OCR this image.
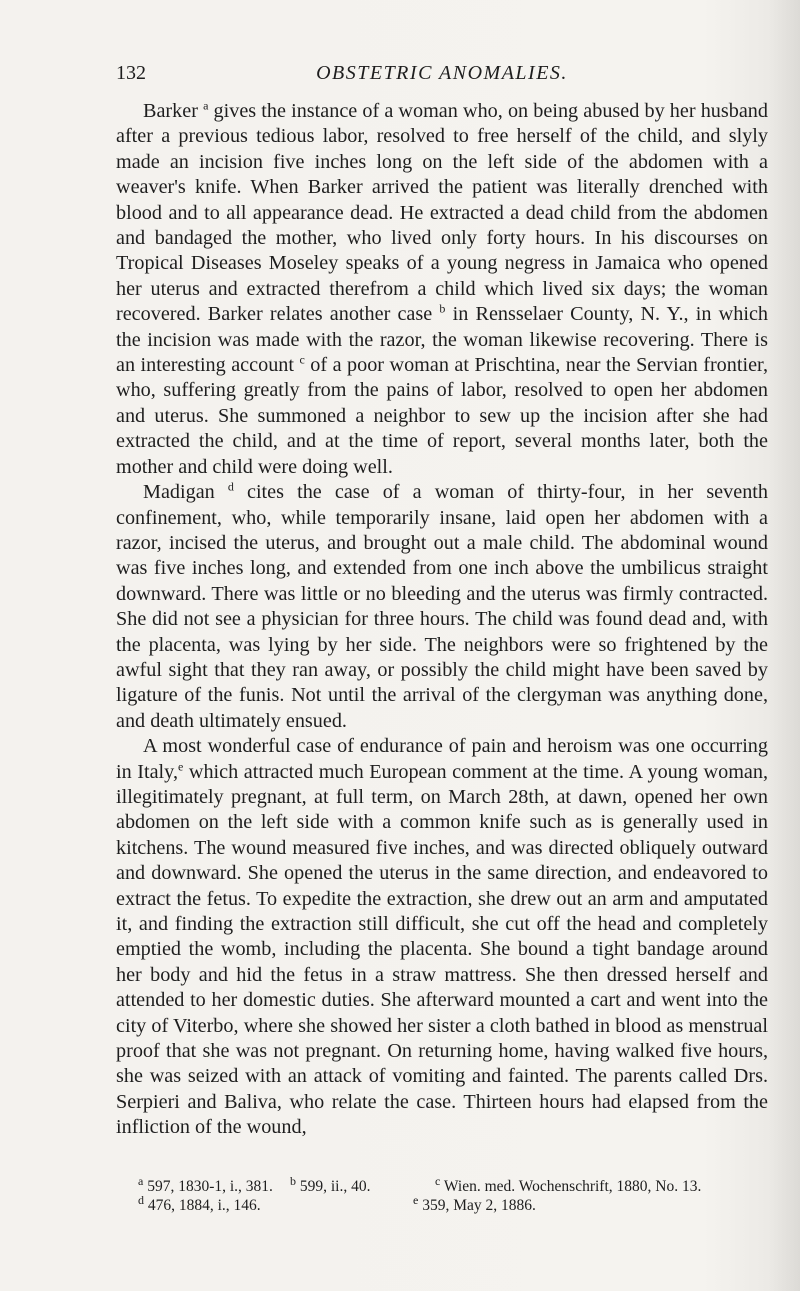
132	OBSTETRIC ANOMALIES.

Barker $^a$ gives the instance of a woman who, on being abused by her husband after a previous tedious labor, resolved to free herself of the child, and slyly made an incision five inches long on the left side of the abdomen with a weaver's knife. When Barker arrived the patient was literally drenched with blood and to all appearance dead. He extracted a dead child from the abdomen and bandaged the mother, who lived only forty hours. In his discourses on Tropical Diseases Moseley speaks of a young negress in Jamaica who opened her uterus and extracted therefrom a child which lived six days; the woman recovered. Barker relates another case $^b$ in Rensselaer County, N. Y., in which the incision was made with the razor, the woman likewise recovering. There is an interesting account $^c$ of a poor woman at Prischtina, near the Servian frontier, who, suffering greatly from the pains of labor, resolved to open her abdomen and uterus. She summoned a neighbor to sew up the incision after she had extracted the child, and at the time of report, several months later, both the mother and child were doing well.

Madigan $^d$ cites the case of a woman of thirty-four, in her seventh confinement, who, while temporarily insane, laid open her abdomen with a razor, incised the uterus, and brought out a male child. The abdominal wound was five inches long, and extended from one inch above the umbilicus straight downward. There was little or no bleeding and the uterus was firmly contracted. She did not see a physician for three hours. The child was found dead and, with the placenta, was lying by her side. The neighbors were so frightened by the awful sight that they ran away, or possibly the child might have been saved by ligature of the funis. Not until the arrival of the clergyman was anything done, and death ultimately ensued.

A most wonderful case of endurance of pain and heroism was one occurring in Italy,$^e$ which attracted much European comment at the time. A young woman, illegitimately pregnant, at full term, on March 28th, at dawn, opened her own abdomen on the left side with a common knife such as is generally used in kitchens. The wound measured five inches, and was directed obliquely outward and downward. She opened the uterus in the same direction, and endeavored to extract the fetus. To expedite the extraction, she drew out an arm and amputated it, and finding the extraction still difficult, she cut off the head and completely emptied the womb, including the placenta. She bound a tight bandage around her body and hid the fetus in a straw mattress. She then dressed herself and attended to her domestic duties. She afterward mounted a cart and went into the city of Viterbo, where she showed her sister a cloth bathed in blood as menstrual proof that she was not pregnant. On returning home, having walked five hours, she was seized with an attack of vomiting and fainted. The parents called Drs. Serpieri and Baliva, who relate the case. Thirteen hours had elapsed from the infliction of the wound,

$^a$ 597, 1830-1, i., 381.	$^b$ 599, ii., 40.	$^c$ Wien. med. Wochenschrift, 1880, No. 13.
$^d$ 476, 1884, i., 146.	$^e$ 359, May 2, 1886.
